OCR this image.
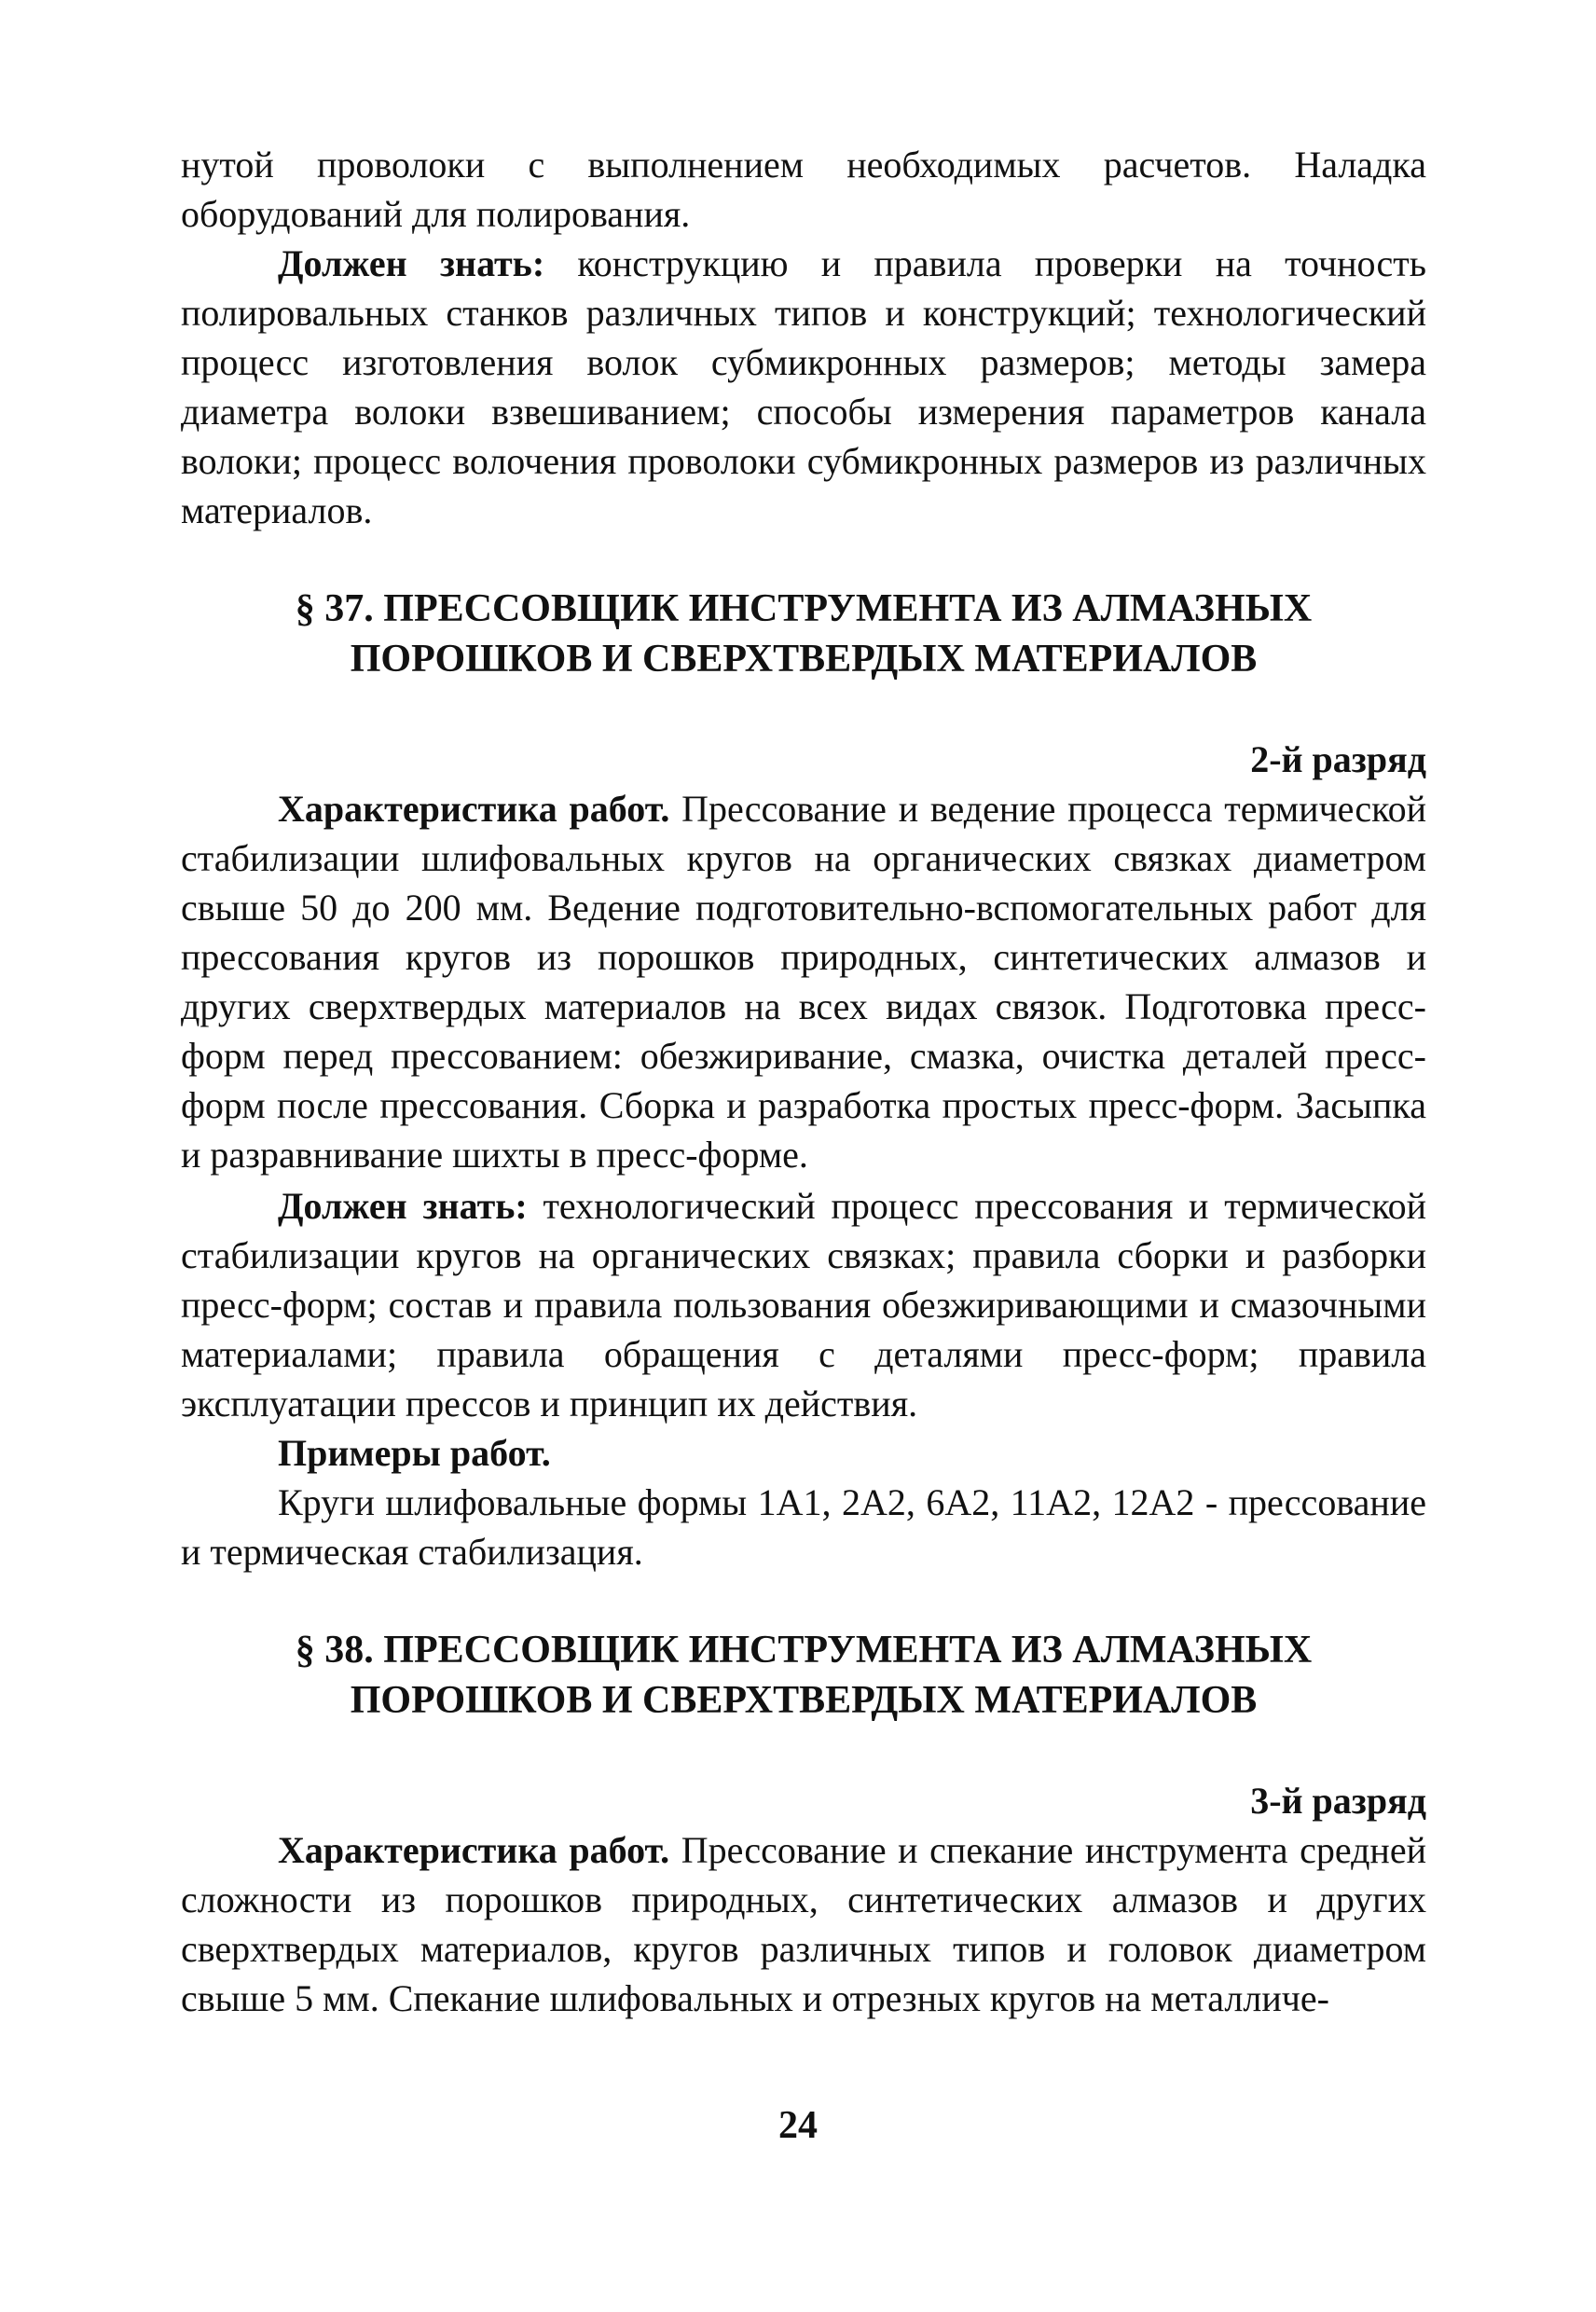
нутой проволоки с выполнением необходимых расчетов. Наладка оборудований для полирования.

Должен знать: конструкцию и правила проверки на точность полировальных станков различных типов и конструкций; технологический процесс изготовления волок субмикронных размеров; методы замера диаметра волоки взвешиванием; способы измерения параметров канала волоки; процесс волочения проволоки субмикронных размеров из различных материалов.

§ 37. ПРЕССОВЩИК ИНСТРУМЕНТА ИЗ АЛМАЗНЫХ

ПОРОШКОВ И СВЕРХТВЕРДЫХ МАТЕРИАЛОВ

2-й разряд

Характеристика работ. Прессование и ведение процесса термической стабилизации шлифовальных кругов на органических связках диаметром свыше 50 до 200 мм. Ведение подготовительно-вспомогательных работ для прессования кругов из порошков природных, синтетических алмазов и других сверхтвердых материалов на всех видах связок. Подготовка пресс-форм перед прессованием: обезжиривание, смазка, очистка деталей пресс-форм после прессования. Сборка и разработка простых пресс-форм. Засыпка и разравнивание шихты в пресс-форме.

Должен знать: технологический процесс прессования и термической стабилизации кругов на органических связках; правила сборки и разборки пресс-форм; состав и правила пользования обезжиривающими и смазочными материалами; правила обращения с деталями пресс-форм; правила эксплуатации прессов и принцип их действия.

Примеры работ.

Круги шлифовальные формы 1А1, 2А2, 6А2, 11А2, 12А2 - прессование и термическая стабилизация.

§ 38. ПРЕССОВЩИК ИНСТРУМЕНТА ИЗ АЛМАЗНЫХ

ПОРОШКОВ И СВЕРХТВЕРДЫХ МАТЕРИАЛОВ

3-й разряд

Характеристика работ. Прессование и спекание инструмента средней сложности из порошков природных, синтетических алмазов и других сверхтвердых материалов, кругов различных типов и головок диаметром свыше 5 мм. Спекание шлифовальных и отрезных кругов на металличе-

24
